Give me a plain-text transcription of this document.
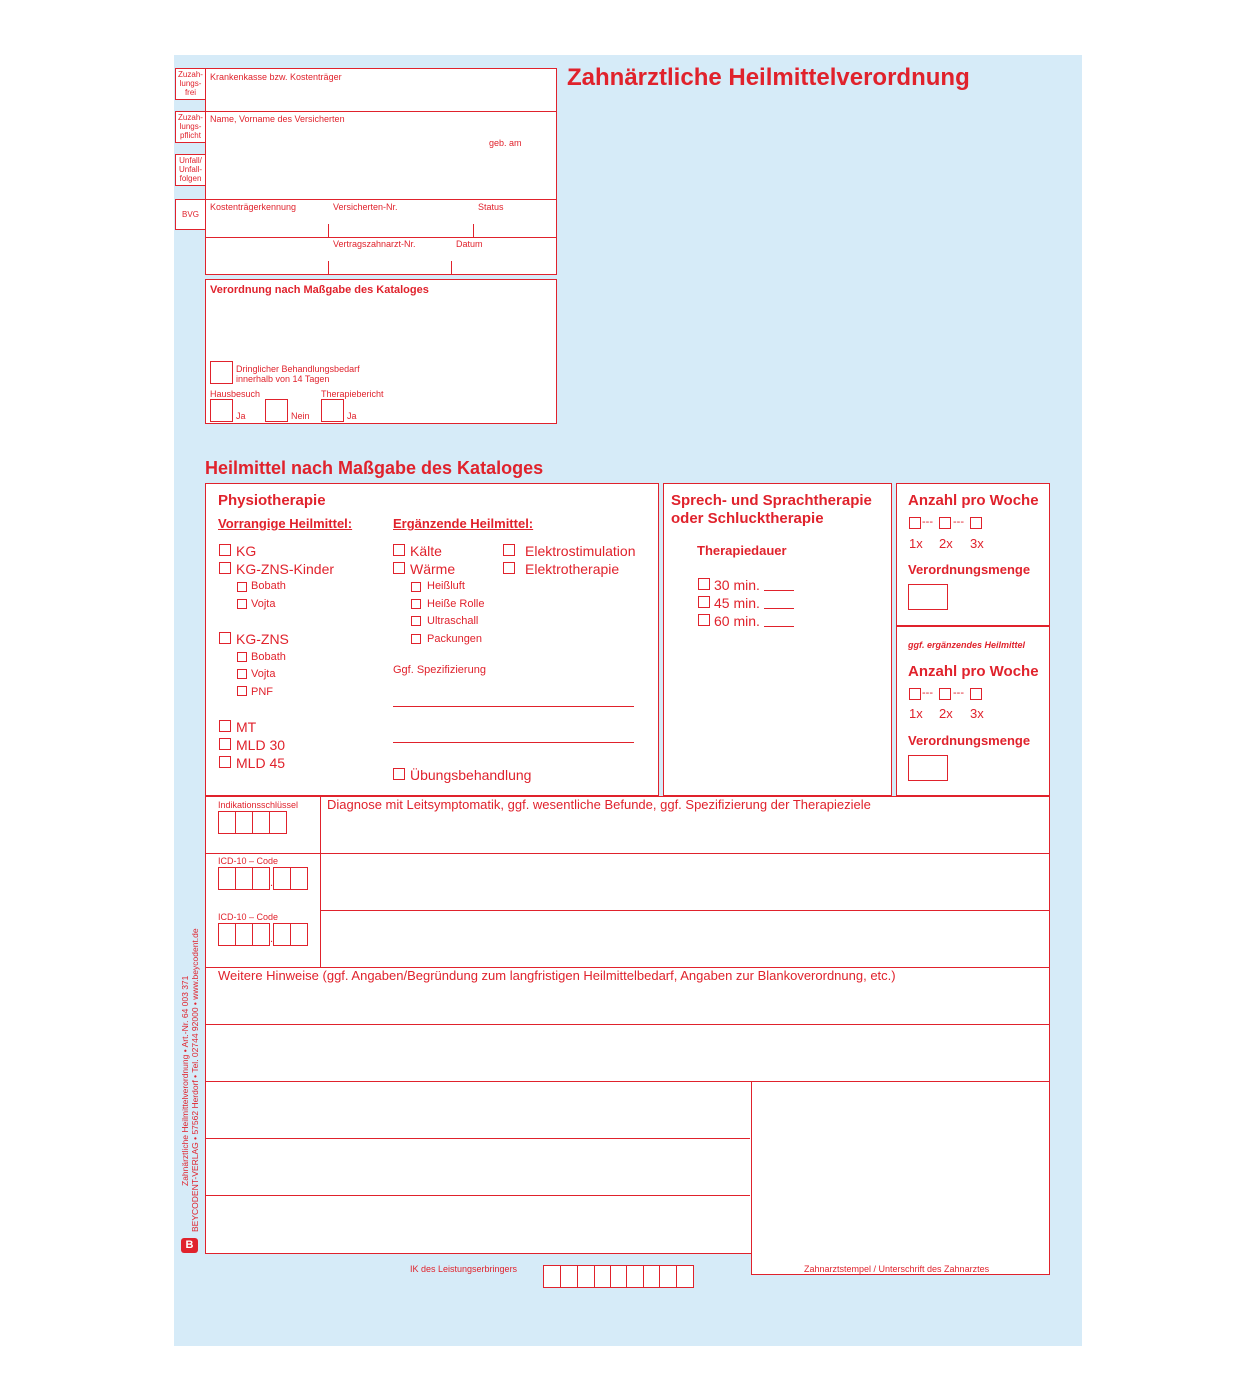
Zahnärztliche Heilmittelverordnung
Zuzah-
lungs-
frei
Zuzah-
lungs-
pflicht
Unfall/
Unfall-
folgen
BVG
Krankenkasse bzw. Kostenträger
Name, Vorname des Versicherten
geb. am
Kostenträgerkennung	Versicherten-Nr.	Status
Vertragszahnarzt-Nr.	Datum
Verordnung nach Maßgabe des Kataloges
Dringlicher Behandlungsbedarf
innerhalb von 14 Tagen
Hausbesuch	Therapiebericht
Ja	Nein	Ja
Heilmittel nach Maßgabe des Kataloges
Physiotherapie
Vorrangige Heilmittel:	Ergänzende Heilmittel:
KG
KG-ZNS-Kinder
Bobath
Vojta
KG-ZNS
Bobath
Vojta
PNF
MT
MLD 30
MLD 45
Kälte
Wärme
Heißluft
Heiße Rolle
Ultraschall
Packungen
Elektrostimulation
Elektrotherapie
Ggf. Spezifizierung
Übungsbehandlung
Sprech- und Sprachtherapie
oder Schlucktherapie
Therapiedauer
30 min.
45 min.
60 min.
Anzahl pro Woche
--- ---
1x 2x 3x
Verordnungsmenge
ggf. ergänzendes Heilmittel
Anzahl pro Woche
--- ---
1x 2x 3x
Verordnungsmenge
Indikationsschlüssel Diagnose mit Leitsymptomatik, ggf. wesentliche Befunde, ggf. Spezifizierung der Therapieziele
ICD-10 – Code
.
ICD-10 – Code
.
Weitere Hinweise (ggf. Angaben/Begründung zum langfristigen Heilmittelbedarf, Angaben zur Blankoverordnung, etc.)
Zahnarztstempel / Unterschrift des Zahnarztes
IK des Leistungserbringers
Zahnärztliche Heilmittelverordnung • Art.-Nr. 64 003 371 BEYCODENT-VERLAG • 57562 Herdorf • Tel. 02744 92000 • www.beycodent.de
B
